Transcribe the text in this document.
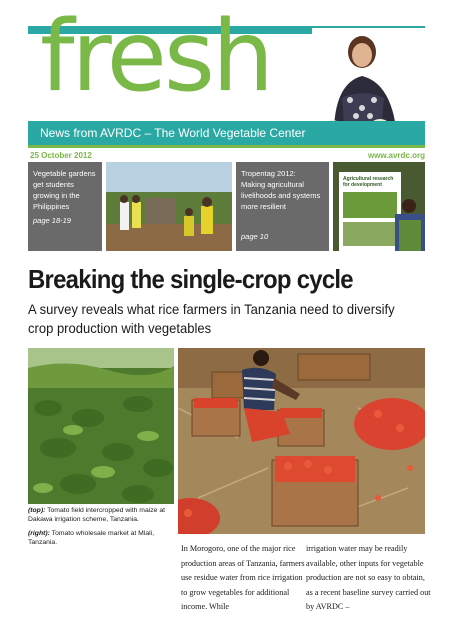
fresh
News from AVRDC – The World Vegetable Center
25 October 2012	www.avrdc.org
Vegetable gardens get students growing in the Philippines
page 18-19
Tropentag 2012: Making agricultural livelihoods and systems more resilient
page 10
Agricultural research for development
Breaking the single-crop cycle
A survey reveals what rice farmers in Tanzania need to diversify crop production with vegetables
(top): Tomato field intercropped with maize at Dakawa irrigation scheme, Tanzania.
(right): Tomato wholesale market at Mlali, Tanzania.
In Morogoro, one of the major rice production areas of Tanzania, farmers use residue water from rice irrigation to grow vegetables for additional income. While
irrigation water may be readily available, other inputs for vegetable production are not so easy to obtain, as a recent baseline survey carried out by AVRDC –
